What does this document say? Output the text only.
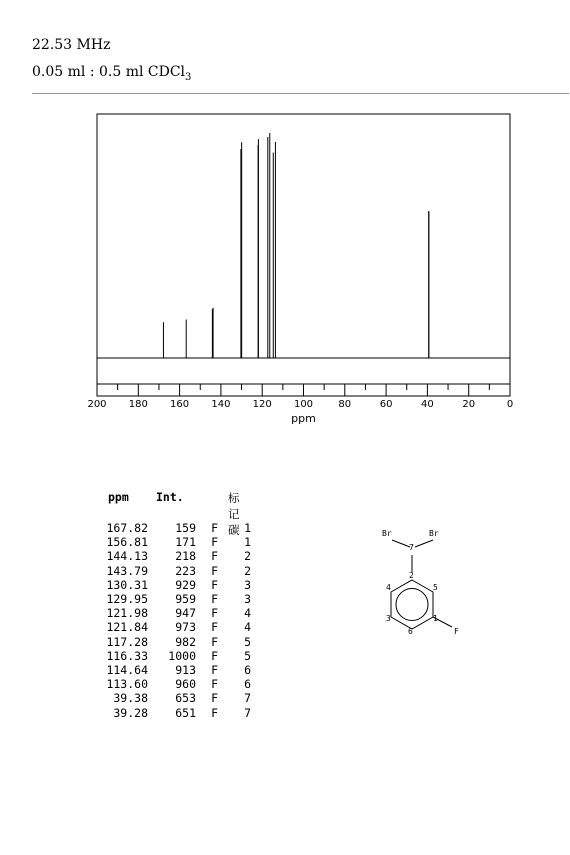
22.53 MHz
0.05 ml : 0.5 ml CDCl$_3$
200 180 160 140 120 100	80	60	40	20	0
ppm
ppm Int.	标记碳
167.82	159 F 1
156.81	171 F 1
144.13	218 F 2
143.79	223 F 2
130.31	929 F 3
129.95	959 F 3
121.98	947 F 4
121.84	973 F 4
117.28	982 F 5
116.33	1000 F 5
114.64	913 F 6
113.60	960 F 6
39.38	653 F 7
39.28	651 F 7
Br	Br
7
2
4	5
3	1
6	F
